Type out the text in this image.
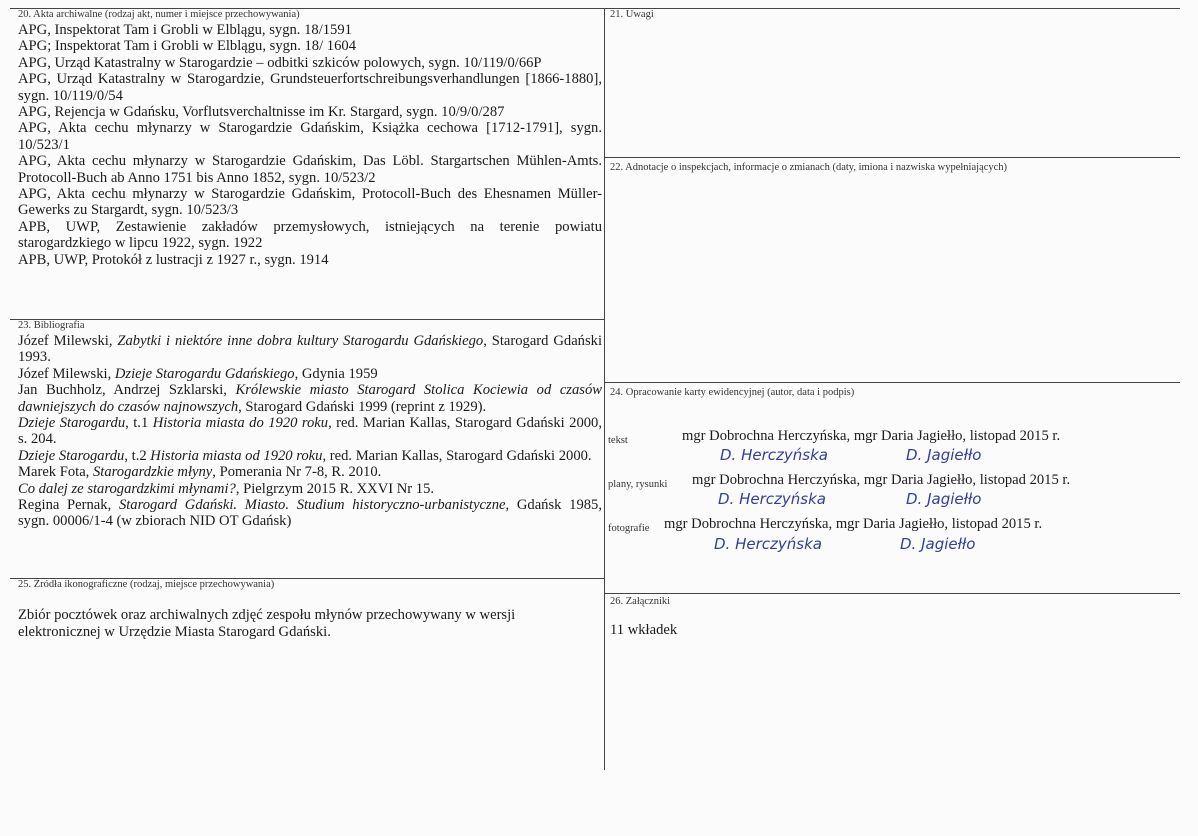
20. Akta archiwalne (rodzaj akt, numer i miejsce przechowywania)

APG, Inspektorat Tam i Grobli w Elblągu, sygn. 18/1591

APG; Inspektorat Tam i Grobli w Elblągu, sygn. 18/ 1604

APG, Urząd Katastralny w Starogardzie – odbitki szkiców polowych, sygn. 10/119/0/66P

APG, Urząd Katastralny w Starogardzie, Grundsteuerfortschreibungsverhandlungen [1866-1880], sygn. 10/119/0/54

APG, Rejencja w Gdańsku, Vorflutsverchaltnisse im Kr. Stargard, sygn. 10/9/0/287

APG, Akta cechu młynarzy w Starogardzie Gdańskim, Książka cechowa [1712-1791], sygn. 10/523/1

APG, Akta cechu młynarzy w Starogardzie Gdańskim, Das Löbl. Stargartschen Mühlen-Amts. Protocoll-Buch ab Anno 1751 bis Anno 1852, sygn. 10/523/2

APG, Akta cechu młynarzy w Starogardzie Gdańskim, Protocoll-Buch des Ehesnamen Müller-Gewerks zu Stargardt, sygn. 10/523/3

APB, UWP, Zestawienie zakładów przemysłowych, istniejących na terenie powiatu starogardzkiego w lipcu 1922, sygn. 1922

APB, UWP, Protokół z lustracji z 1927 r., sygn. 1914

23. Bibliografia

Józef Milewski, Zabytki i niektóre inne dobra kultury Starogardu Gdańskiego, Starogard Gdański 1993.

Józef Milewski, Dzieje Starogardu Gdańskiego, Gdynia 1959

Jan Buchholz, Andrzej Szklarski, Królewskie miasto Starogard Stolica Kociewia od czasów dawniejszych do czasów najnowszych, Starogard Gdański 1999 (reprint z 1929).

Dzieje Starogardu, t.1 Historia miasta do 1920 roku, red. Marian Kallas, Starogard Gdański 2000, s. 204.

Dzieje Starogardu, t.2 Historia miasta od 1920 roku, red. Marian Kallas, Starogard Gdański 2000.

Marek Fota, Starogardzkie młyny, Pomerania Nr 7-8, R. 2010.

Co dalej ze starogardzkimi młynami?, Pielgrzym 2015 R. XXVI Nr 15.

Regina Pernak, Starogard Gdański. Miasto. Studium historyczno-urbanistyczne, Gdańsk 1985, sygn. 00006/1-4 (w zbiorach NID OT Gdańsk)

25. Źródła ikonograficzne (rodzaj, miejsce przechowywania)
Zbiór pocztówek oraz archiwalnych zdjęć zespołu młynów przechowywany w wersji elektronicznej w Urzędzie Miasta Starogard Gdański.
21. Uwagi
22. Adnotacje o inspekcjach, informacje o zmianach (daty, imiona i nazwiska wypełniających)
24. Opracowanie karty ewidencyjnej (autor, data i podpis)
tekst	mgr Dobrochna Herczyńska, mgr Daria Jagiełło, listopad 2015 r.
D. Herczyńska	D. Jagiełło
plany, rysunki mgr Dobrochna Herczyńska, mgr Daria Jagiełło, listopad 2015 r.
D. Herczyńska	D. Jagiełło
fotografie mgr Dobrochna Herczyńska, mgr Daria Jagiełło, listopad 2015 r.
D. Herczyńska	D. Jagiełło
26. Załączniki
11 wkładek
